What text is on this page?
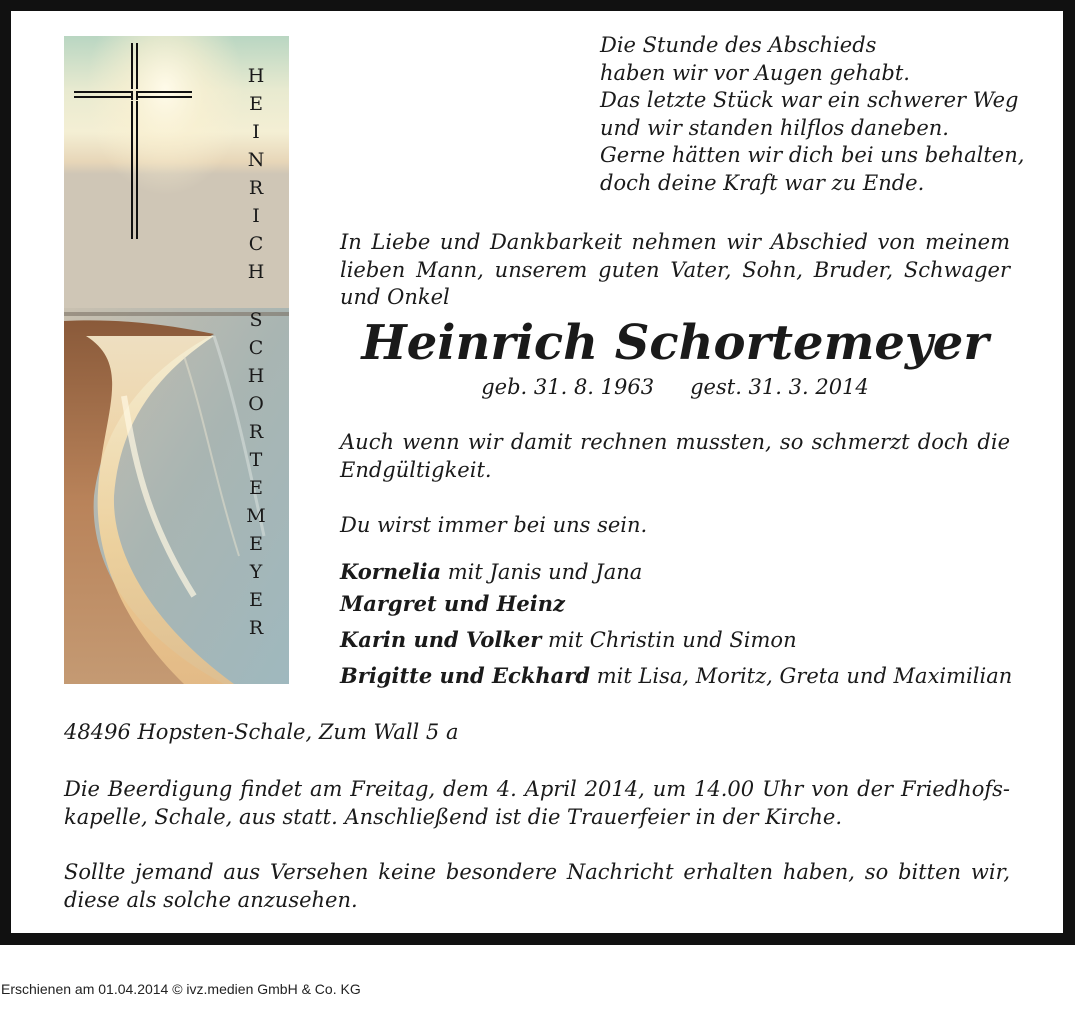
H
E
I
N
R
I
C
H
S
C
H
O
R
T
E
M
E
Y
E
R
Die Stunde des Abschieds
haben wir vor Augen gehabt.
Das letzte Stück war ein schwerer Weg
und wir standen hilflos daneben.
Gerne hätten wir dich bei uns behalten,
doch deine Kraft war zu Ende.

In Liebe und Dankbarkeit nehmen wir Abschied von meinem lieben Mann, unserem guten Vater, Sohn, Bruder, Schwager und Onkel

Heinrich Schortemeyer

geb. 31. 8. 1963 gest. 31. 3. 2014

Auch wenn wir damit rechnen mussten, so schmerzt doch die Endgültigkeit.

Du wirst immer bei uns sein.

Kornelia mit Janis und Jana

Margret und Heinz

Karin und Volker mit Christin und Simon

Brigitte und Eckhard mit Lisa, Moritz, Greta und Maximilian

48496 Hopsten-Schale, Zum Wall 5 a

Die Beerdigung findet am Freitag, dem 4. April 2014, um 14.00 Uhr von der Friedhofs-kapelle, Schale, aus statt. Anschließend ist die Trauerfeier in der Kirche.

Sollte jemand aus Versehen keine besondere Nachricht erhalten haben, so bitten wir, diese als solche anzusehen.

Erschienen am 01.04.2014 © ivz.medien GmbH & Co. KG
